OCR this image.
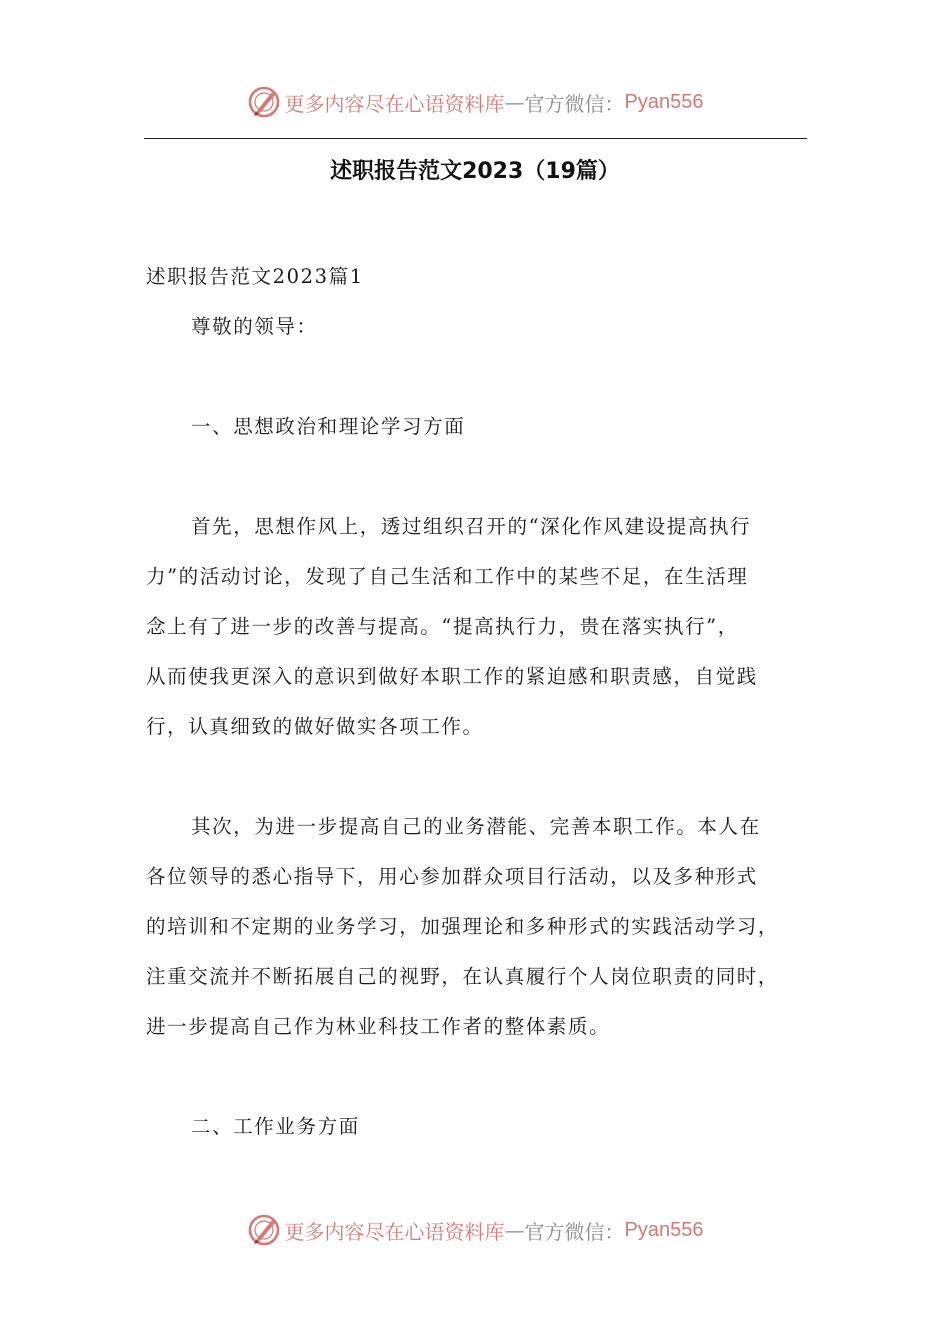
更多内容尽在心语资料库 — 官方微信： Pyan556
述职报告范文2023（19篇）
述职报告范文2023篇1
尊敬的领导：
一、思想政治和理论学习方面
首先，思想作风上，透过组织召开的“深化作风建设提高执行
力”的活动讨论，发现了自己生活和工作中的某些不足，在生活理
念上有了进一步的改善与提高。“提高执行力，贵在落实执行”，
从而使我更深入的意识到做好本职工作的紧迫感和职责感，自觉践
行，认真细致的做好做实各项工作。
其次，为进一步提高自己的业务潜能、完善本职工作。本人在
各位领导的悉心指导下，用心参加群众项目行活动，以及多种形式
的培训和不定期的业务学习，加强理论和多种形式的实践活动学习，
注重交流并不断拓展自己的视野，在认真履行个人岗位职责的同时，
进一步提高自己作为林业科技工作者的整体素质。
二、工作业务方面
更多内容尽在心语资料库 — 官方微信： Pyan556
